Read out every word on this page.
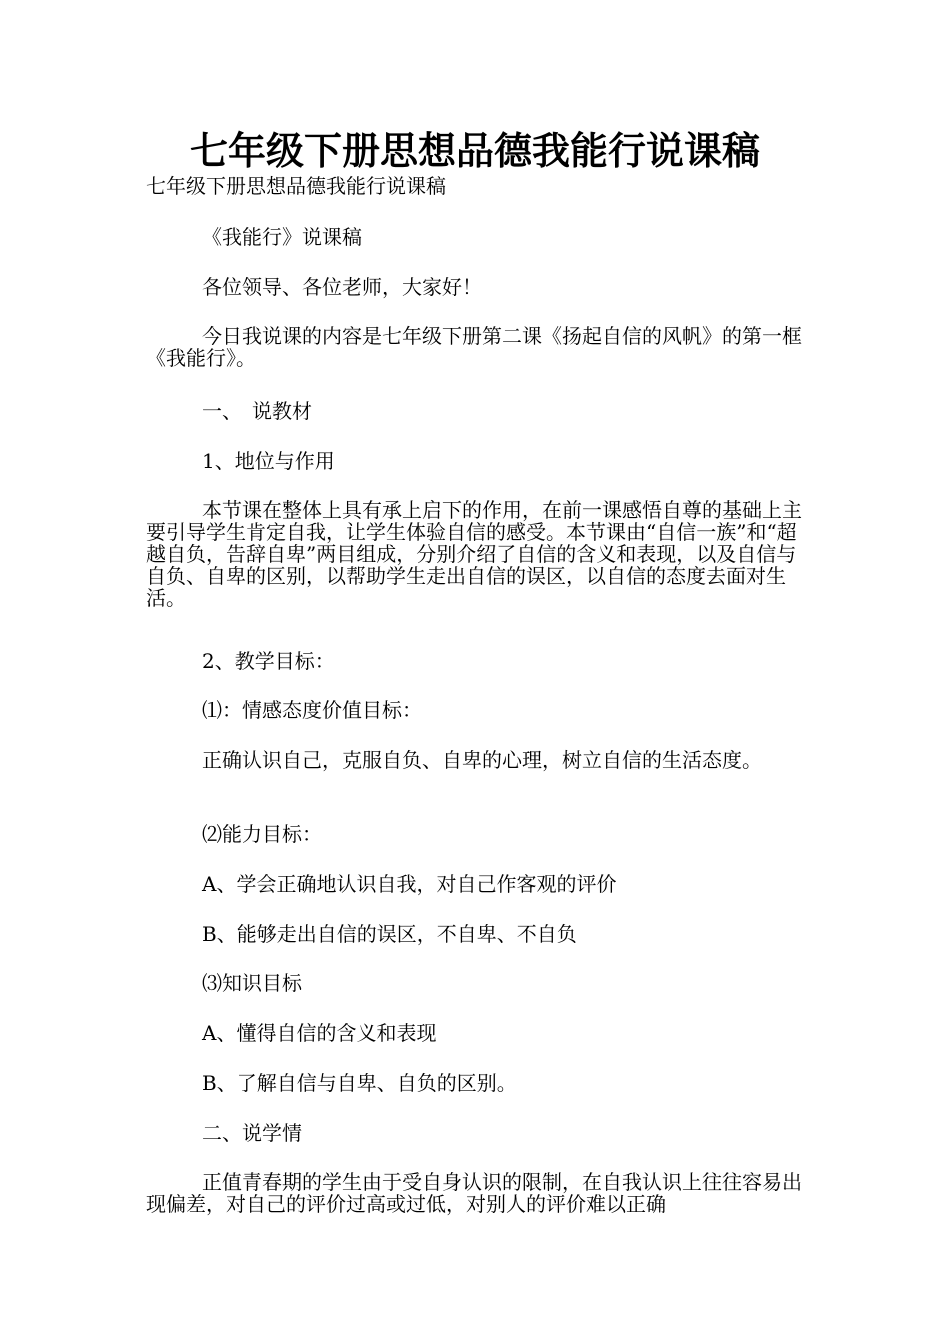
七年级下册思想品德我能行说课稿

七年级下册思想品德我能行说课稿

《我能行》说课稿

各位领导、各位老师，大家好！

今日我说课的内容是七年级下册第二课《扬起自信的风帆》的第一框《我能行》。

一、　说教材

1、地位与作用

本节课在整体上具有承上启下的作用，在前一课感悟自尊的基础上主要引导学生肯定自我，让学生体验自信的感受。本节课由“自信一族”和“超越自负，告辞自卑”两目组成，分别介绍了自信的含义和表现，以及自信与自负、自卑的区别，以帮助学生走出自信的误区，以自信的态度去面对生活。

2、教学目标：

⑴：情感态度价值目标：

正确认识自己，克服自负、自卑的心理，树立自信的生活态度。

⑵能力目标：

A、学会正确地认识自我，对自己作客观的评价

B、能够走出自信的误区，不自卑、不自负

⑶知识目标

A、懂得自信的含义和表现

B、了解自信与自卑、自负的区别。

二、说学情

正值青春期的学生由于受自身认识的限制，在自我认识上往往容易出现偏差，对自己的评价过高或过低，对别人的评价难以正确
